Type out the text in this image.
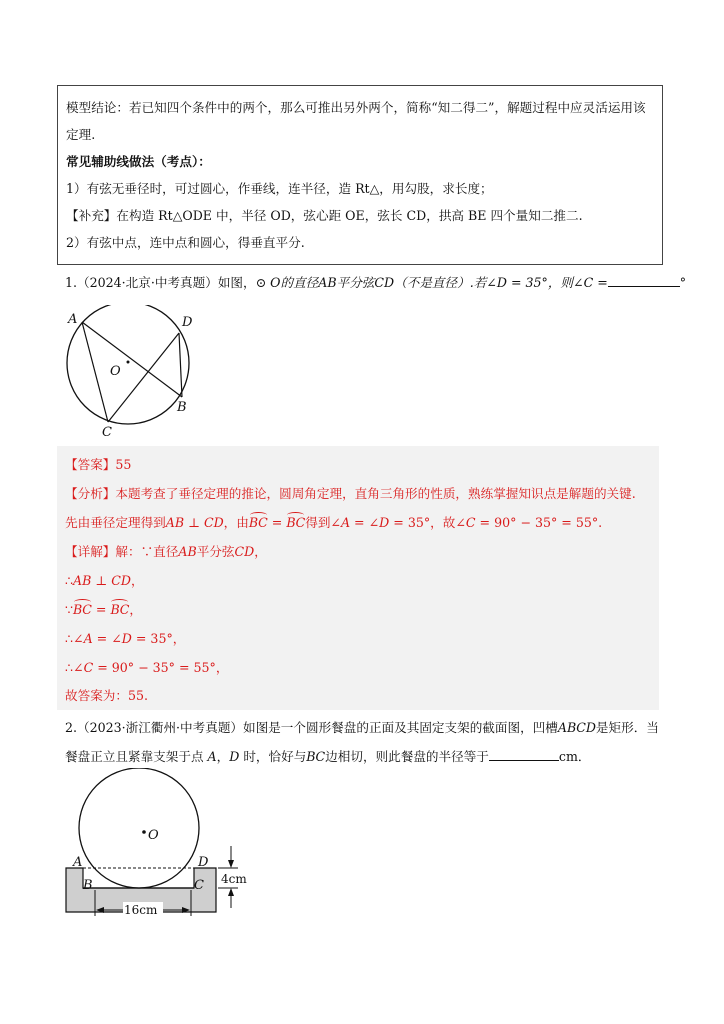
模型结论：若已知四个条件中的两个，那么可推出另外两个，简称“知二得二”，解题过程中应灵活运用该

定理.

常见辅助线做法（考点）：

1）有弦无垂径时，可过圆心，作垂线，连半径，造 Rt△，用勾股，求长度；

【补充】在构造 Rt△ODE 中，半径 OD，弦心距 OE，弦长 CD，拱高 BE 四个量知二推二.

2）有弦中点，连中点和圆心，得垂直平分.

1.（2024·北京·中考真题）如图，⊙ 𝑂的直径𝐴𝐵平分弦𝐶𝐷（不是直径）.若∠𝐷 = 35°，则∠𝐶 =	°
A	D
O
B
C

【答案】55

【分析】本题考查了垂径定理的推论，圆周角定理，直角三角形的性质，熟练掌握知识点是解题的关键.

先由垂径定理得到𝐴𝐵 ⊥ 𝐶𝐷，由𝐵𝐶 = 𝐵𝐶得到∠𝐴 = ∠𝐷 = 35°，故∠𝐶 = 90° − 35° = 55°.

【详解】解：∵直径𝐴𝐵平分弦𝐶𝐷，

∴𝐴𝐵 ⊥ 𝐶𝐷，

∵𝐵𝐶 = 𝐵𝐶，

∴∠𝐴 = ∠𝐷 = 35°，

∴∠𝐶 = 90° − 35° = 55°，

故答案为：55.

2.（2023·浙江衢州·中考真题）如图是一个圆形餐盘的正面及其固定支架的截面图，凹槽𝐴𝐵𝐶𝐷是矩形．当
餐盘正立且紧靠支架于点 𝐴，𝐷 时，恰好与𝐵𝐶边相切，则此餐盘的半径等于	cm．
16cm
4cm
O
A	D
B	C
